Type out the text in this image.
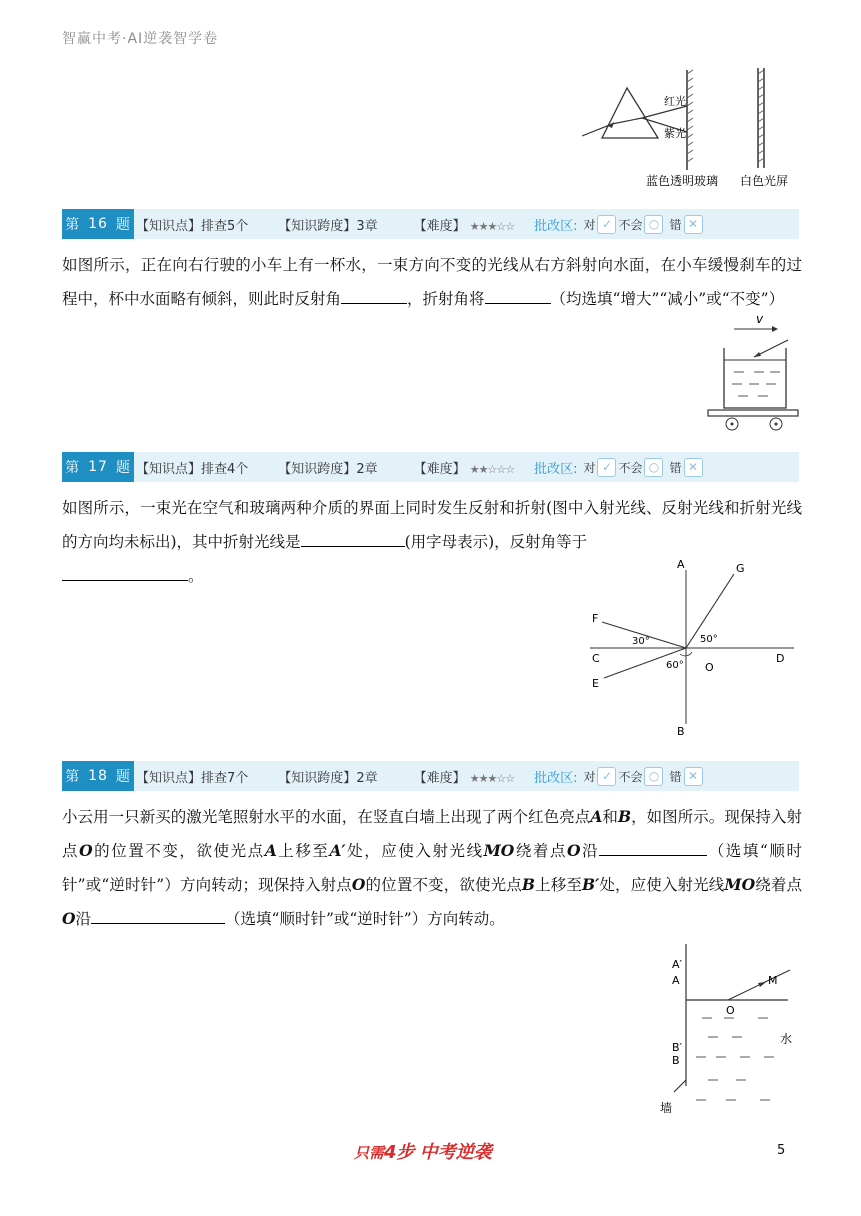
智赢中考·AI逆袭智学卷
红光
紫光
蓝色透明玻璃 白色光屏
第 16 题 【知识点】排查5个 【知识跨度】3章	【难度】 ★★★☆☆ 批改区: 对 ✓ 不会 ○ 错 ✕
如图所示，正在向右行驶的小车上有一杯水，一束方向不变的光线从右方斜射向水面，在小车缓慢刹车的过程中，杯中水面略有倾斜，则此时反射角	，折射角将	（均选填“增大”“减小”或“不变”）
v
第 17 题 【知识点】排查4个 【知识跨度】2章	【难度】 ★★☆☆☆ 批改区: 对 ✓ 不会 ○ 错 ✕
如图所示，一束光在空气和玻璃两种介质的界面上同时发生反射和折射(图中入射光线、反射光线和折射光线的方向均未标出)，其中折射光线是	(用字母表示)，反射角等于
。
A	G
F
C	D
E
O
B
30°	50°
60°
第 18 题 【知识点】排查7个 【知识跨度】2章	【难度】 ★★★☆☆ 批改区: 对 ✓ 不会 ○ 错 ✕
小云用一只新买的激光笔照射水平的水面，在竖直白墙上出现了两个红色亮点A和B，如图所示。现保持入射点O的位置不变，欲使光点A上移至A′处，应使入射光线MO绕着点O沿	（选填“顺时针”或“逆时针”）方向转动；现保持入射点O的位置不变，欲使光点B上移至B′处，应使入射光线MO绕着点O沿	（选填“顺时针”或“逆时针”）方向转动。
A′
A	M
O
水
B′
B
墙
只需4步 中考逆袭	5
